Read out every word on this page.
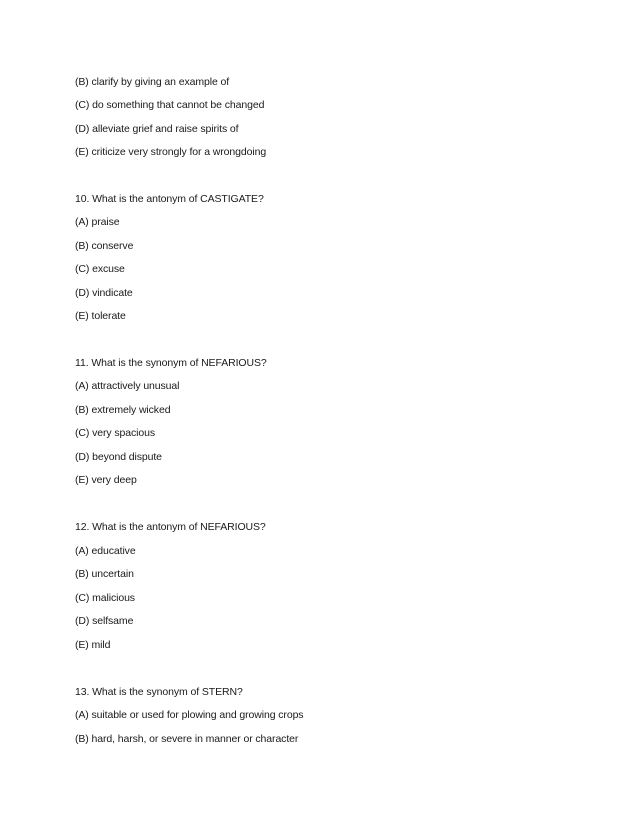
(B) clarify by giving an example of
(C) do something that cannot be changed
(D) alleviate grief and raise spirits of
(E) criticize very strongly for a wrongdoing
10. What is the antonym of CASTIGATE?
(A) praise
(B) conserve
(C) excuse
(D) vindicate
(E) tolerate
11. What is the synonym of NEFARIOUS?
(A) attractively unusual
(B) extremely wicked
(C) very spacious
(D) beyond dispute
(E) very deep
12. What is the antonym of NEFARIOUS?
(A) educative
(B) uncertain
(C) malicious
(D) selfsame
(E) mild
13. What is the synonym of STERN?
(A) suitable or used for plowing and growing crops
(B) hard, harsh, or severe in manner or character
